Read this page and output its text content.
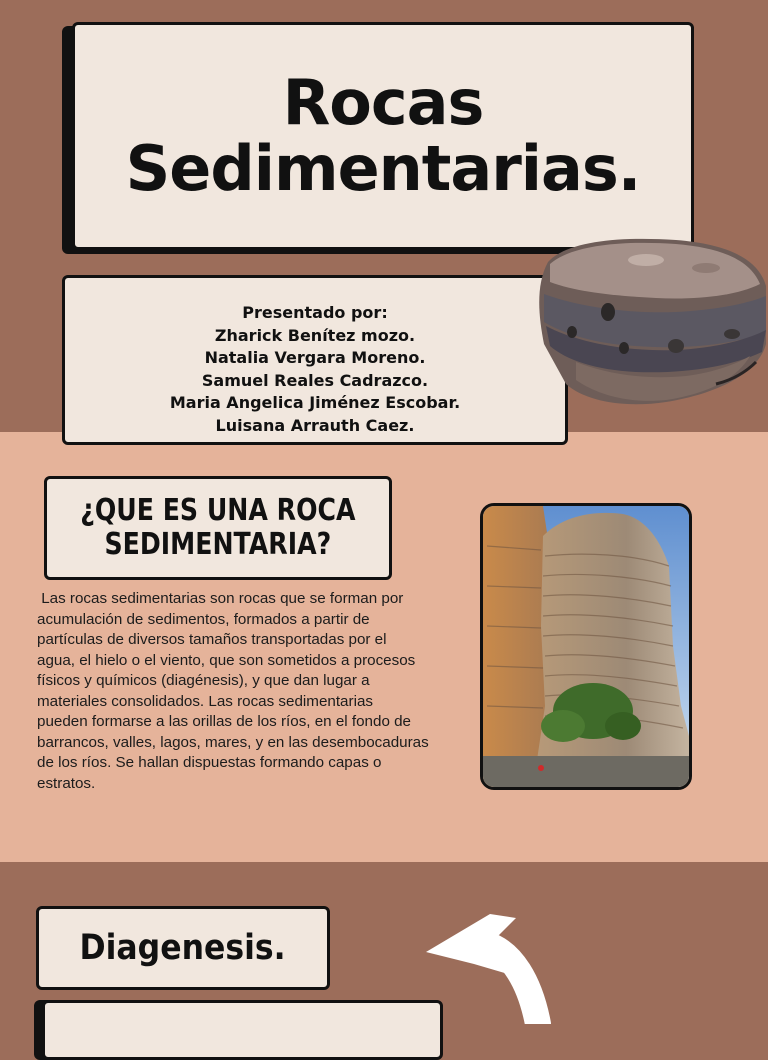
Rocas
Sedimentarias.
Presentado por:
Zharick Benítez mozo.
Natalia Vergara Moreno.
Samuel Reales Cadrazco.
Maria Angelica Jiménez Escobar.
Luisana Arrauth Caez.
¿QUE ES UNA ROCA
SEDIMENTARIA?

Las rocas sedimentarias son rocas que se forman por
acumulación de sedimentos, formados a partir de
partículas de diversos tamaños transportadas por el
agua, el hielo o el viento, que son sometidos a procesos
físicos y químicos (diagénesis), y que dan lugar a
materiales consolidados. Las rocas sedimentarias
pueden formarse a las orillas de los ríos, en el fondo de
barrancos, valles, lagos, mares, y en las desembocaduras
de los ríos. Se hallan dispuestas formando capas o
estratos.

Diagenesis.
